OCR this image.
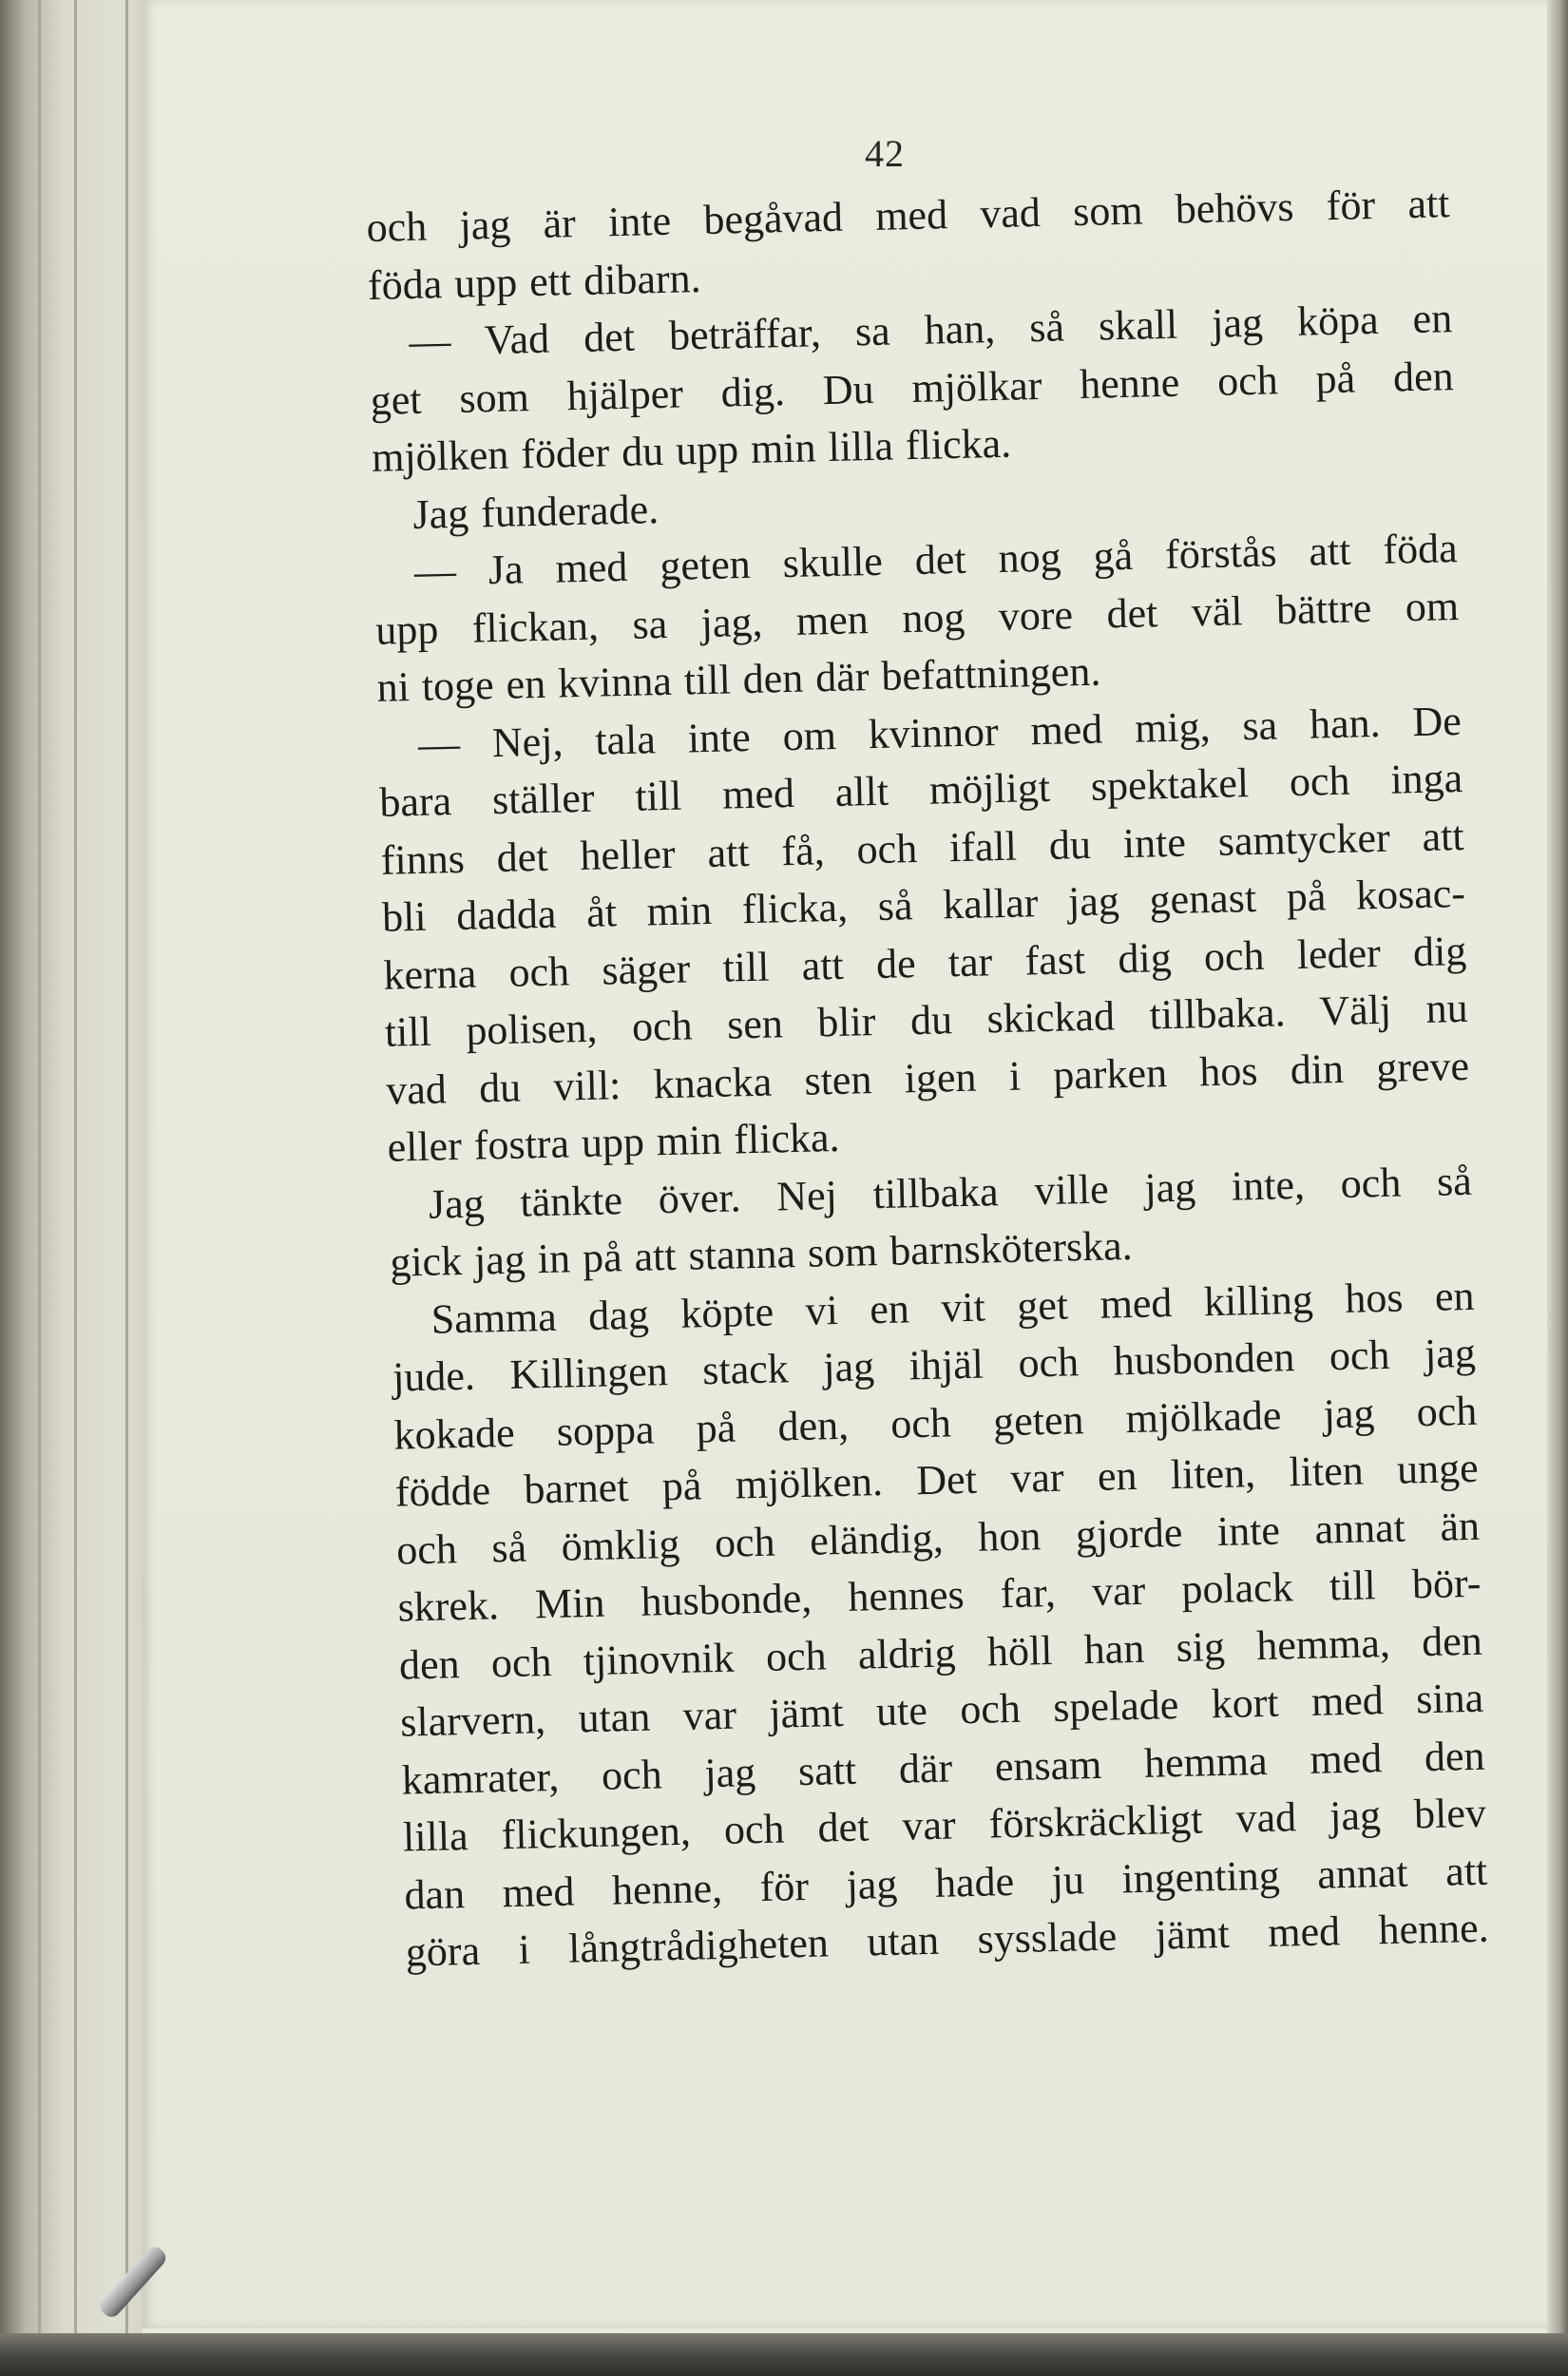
42
och jag är inte begåvad med vad som behövs för att
föda upp ett dibarn.
— Vad det beträffar, sa han, så skall jag köpa en
get som hjälper dig. Du mjölkar henne och på den
mjölken föder du upp min lilla flicka.
Jag funderade.
— Ja med geten skulle det nog gå förstås att föda
upp flickan, sa jag, men nog vore det väl bättre om
ni toge en kvinna till den där befattningen.
— Nej, tala inte om kvinnor med mig, sa han. De
bara ställer till med allt möjligt spektakel och inga
finns det heller att få, och ifall du inte samtycker att
bli dadda åt min flicka, så kallar jag genast på kosac-
kerna och säger till att de tar fast dig och leder dig
till polisen, och sen blir du skickad tillbaka. Välj nu
vad du vill: knacka sten igen i parken hos din greve
eller fostra upp min flicka.
Jag tänkte över. Nej tillbaka ville jag inte, och så
gick jag in på att stanna som barnsköterska.
Samma dag köpte vi en vit get med killing hos en
jude. Killingen stack jag ihjäl och husbonden och jag
kokade soppa på den, och geten mjölkade jag och
födde barnet på mjölken. Det var en liten, liten unge
och så ömklig och eländig, hon gjorde inte annat än
skrek. Min husbonde, hennes far, var polack till bör-
den och tjinovnik och aldrig höll han sig hemma, den
slarvern, utan var jämt ute och spelade kort med sina
kamrater, och jag satt där ensam hemma med den
lilla flickungen, och det var förskräckligt vad jag blev
dan med henne, för jag hade ju ingenting annat att
göra i långtrådigheten utan sysslade jämt med henne.
